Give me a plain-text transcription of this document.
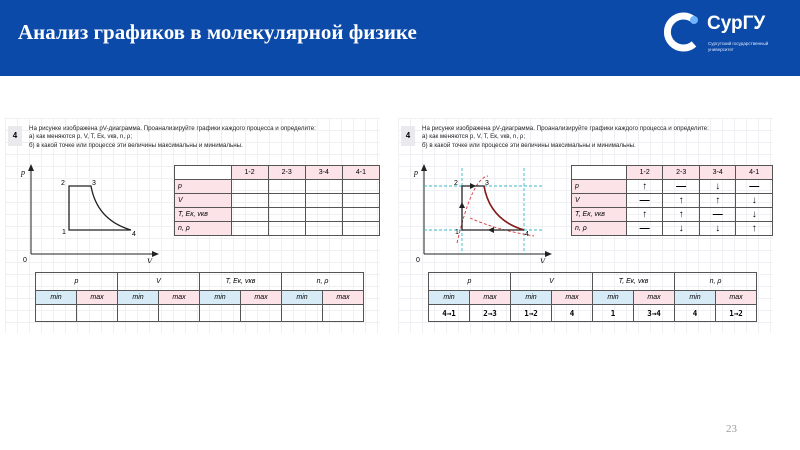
Анализ графиков в молекулярной физике	СурГУ
Сургутский государственный университет
4
На рисунке изображена pV-диаграмма. Проанализируйте графики каждого процесса и определите:
а) как меняются p, V, T, Eк, vкв, n, ρ;
б) в какой точке или процессе эти величины максимальны и минимальны.
p
V
0
1
2	3
4
	1-2	2-3	3-4	4-1
p				
V				
T, Eк, vкв				
n, ρ				
p		V		T, Eк, vкв		n, ρ	
min	max	min	max	min	max	min	max

4
На рисунке изображена pV-диаграмма. Проанализируйте графики каждого процесса и определите:
а) как меняются p, V, T, Eк, vкв, n, ρ;
б) в какой точке или процессе эти величины максимальны и минимальны.
p
V
0
1
2	3
4
	1-2	2-3	3-4	4-1
p	↑	—	↓	—
V	—	↑	↑	↓
T, Eк, vкв	↑	↑	—	↓
n, ρ	—	↓	↓	↑
p		V		T, Eк, vкв		n, ρ	
min	max	min	max	min	max	min	max
4→1	2→3	1→2	4	1	3→4	4	1→2
23
